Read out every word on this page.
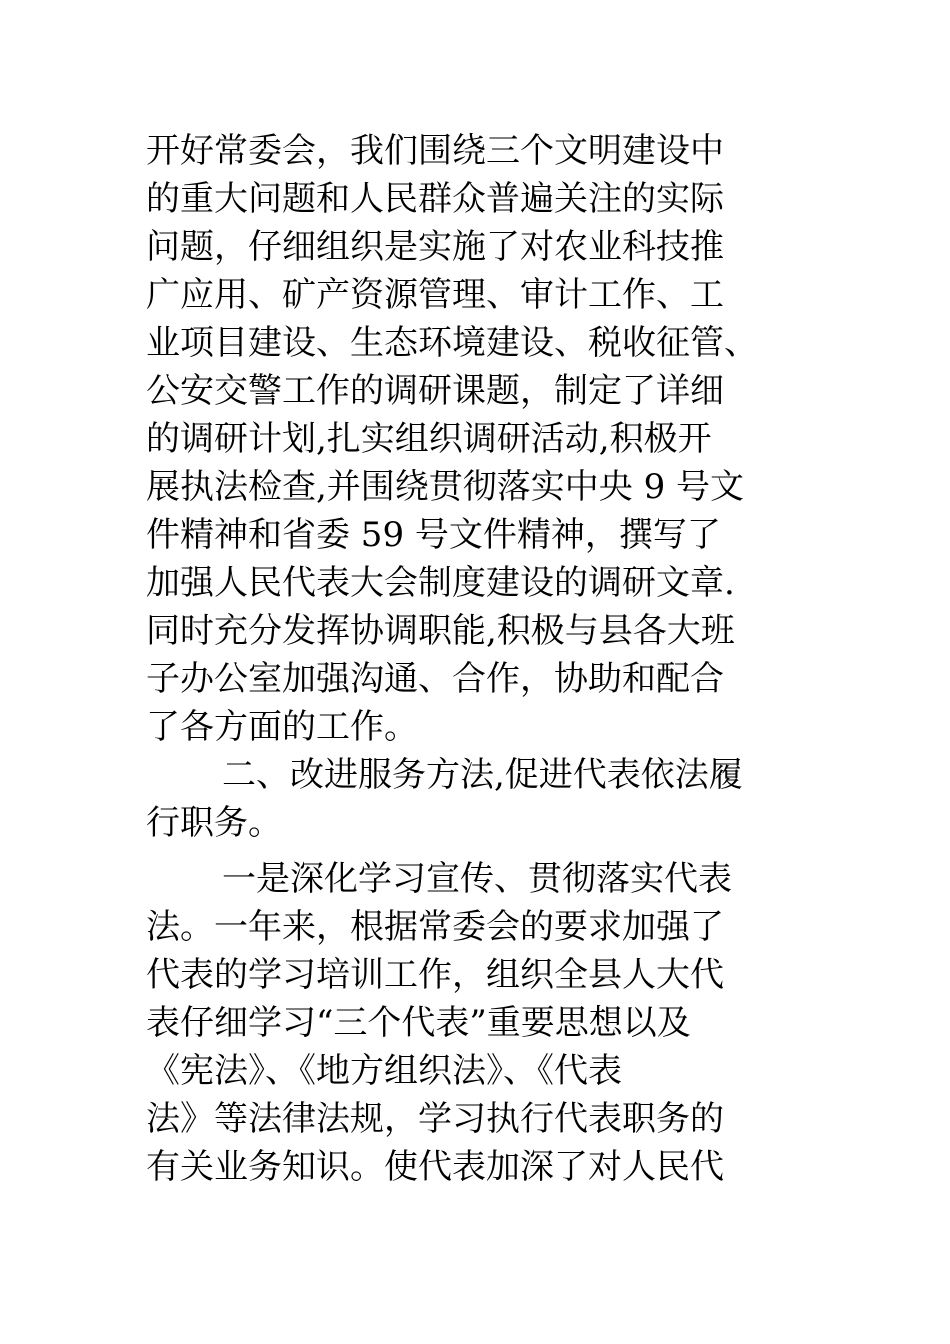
开好常委会，我们围绕三个文明建设中
的重大问题和人民群众普遍关注的实际
问题，仔细组织是实施了对农业科技推
广应用、矿产资源管理、审计工作、工
业项目建设、生态环境建设、税收征管、
公安交警工作的调研课题，制定了详细
的调研计划,扎实组织调研活动,积极开
展执法检查,并围绕贯彻落实中央 9 号文
件精神和省委 59 号文件精神，撰写了
加强人民代表大会制度建设的调研文章.
同时充分发挥协调职能,积极与县各大班
子办公室加强沟通、合作，协助和配合
了各方面的工作。
二、改进服务方法,促进代表依法履
行职务。
一是深化学习宣传、贯彻落实代表
法。一年来，根据常委会的要求加强了
代表的学习培训工作，组织全县人大代
表仔细学习“三个代表”重要思想以及
《宪法》、《地方组织法》、《代表
法》等法律法规，学习执行代表职务的
有关业务知识。使代表加深了对人民代
